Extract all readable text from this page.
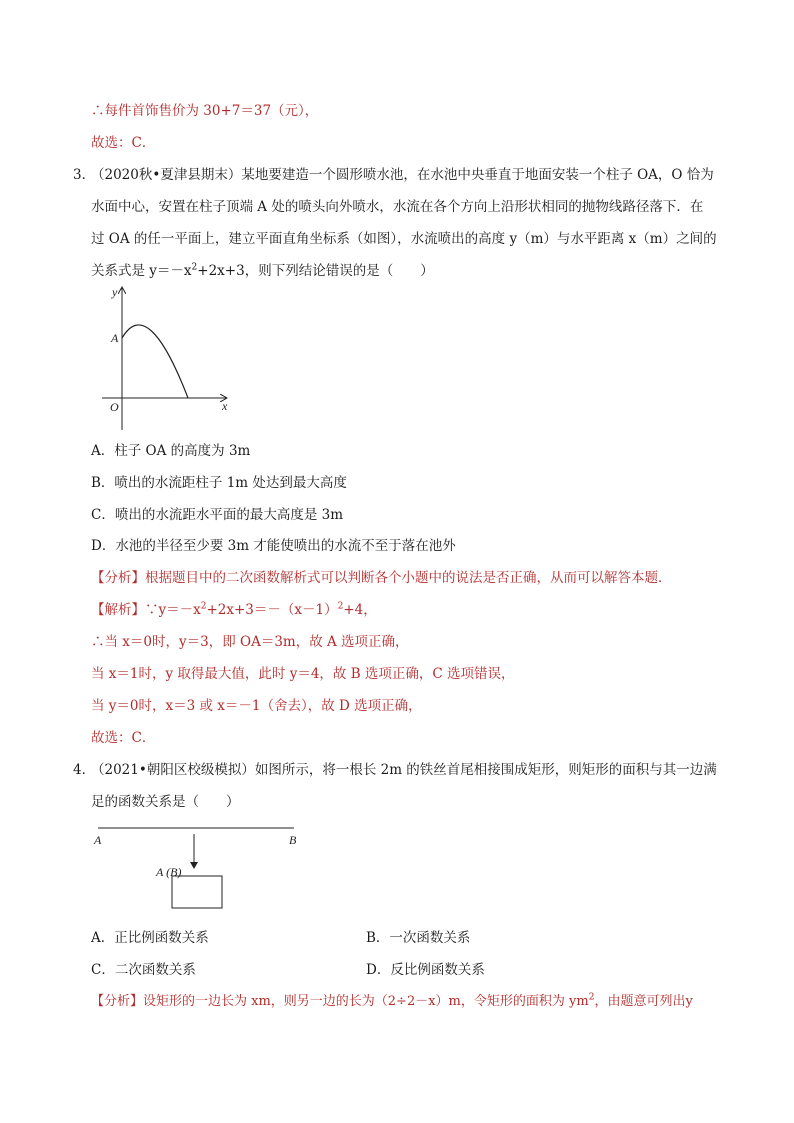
∴每件首饰售价为 30+7＝37（元），
故选：C．
3．
（2020秋•夏津县期末）某地要建造一个圆形喷水池，在水池中央垂直于地面安装一个柱子 OA，O 恰为
水面中心，安置在柱子顶端 A 处的喷头向外喷水，水流在各个方向上沿形状相同的抛物线路径落下．在
过 OA 的任一平面上，建立平面直角坐标系（如图），水流喷出的高度 y（m）与水平距离 x（m）之间的
关系式是 $y=-x^2+2x+3$，则下列结论错误的是（　　）
y
x
O
A
A．柱子 OA 的高度为 3m
B．喷出的水流距柱子 1m 处达到最大高度
C．喷出的水流距水平面的最大高度是 3m
D．水池的半径至少要 3m 才能使喷出的水流不至于落在池外
【分析】根据题目中的二次函数解析式可以判断各个小题中的说法是否正确，从而可以解答本题．
【解析】$\because y=-x^2+2x+3=-(x-1)^2+4$，
∴当 x＝0时，y＝3，即 OA＝3m，故 A 选项正确，
当 x＝1时，y 取得最大值，此时 y＝4，故 B 选项正确，C 选项错误，
当 y＝0时，x＝3 或 x＝－1（舍去），故 D 选项正确，
故选：C．
4．
（2021•朝阳区校级模拟）如图所示，将一根长 2m 的铁丝首尾相接围成矩形，则矩形的面积与其一边满
足的函数关系是（　　）
A	B
A (B)
A．正比例函数关系	B．一次函数关系
C．二次函数关系	D．反比例函数关系
【分析】设矩形的一边长为 xm，则另一边的长为（2÷2－x）m，令矩形的面积为 $ym^2$，由题意可列出y
